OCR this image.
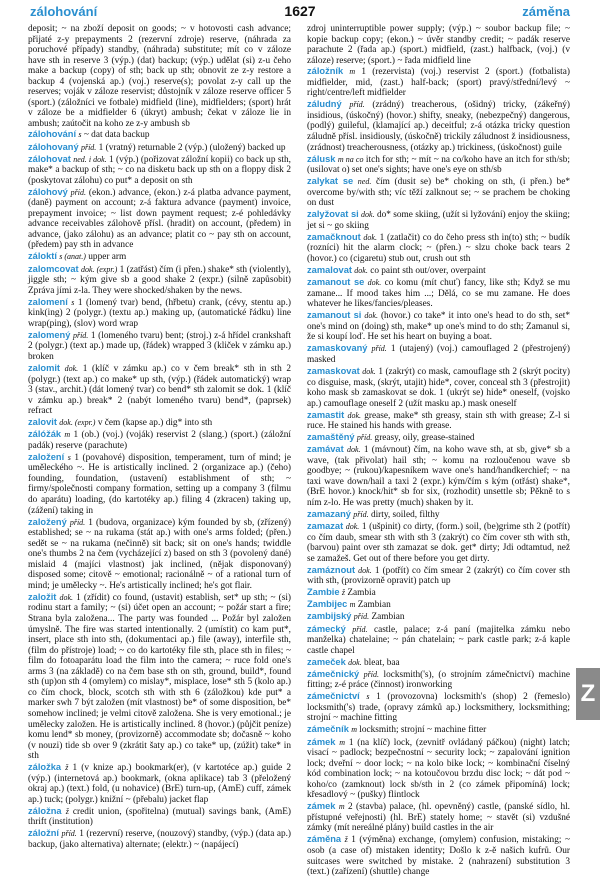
zálohování	1627	záměna
deposit; ~ na zboží deposit on goods; ~ v hotovosti cash advance; přijaté z-y prepayments 2 (rezervní zdroje) reserve, (náhrada za poruchové případy) standby, (náhrada) substitute; mít co v záloze have sth in reserve 3 (výp.) (dat) backup; (výp.) udělat (si) z-u čeho make a backup (copy) of sth; back up sth; obnovit ze z-y restore a backup 4 (vojenská ap.) (voj.) reserve(s); povolat z-y call up the reserves; voják v záloze reservist; důstojník v záloze reserve officer 5 (sport.) (záložníci ve fotbale) midfield (line), midfielders; (sport) hrát v záloze be a midfielder 6 (úkryt) ambush; čekat v záloze lie in ambush; zaútočit na koho ze z-y ambush sb
zálohování s ~ dat data backup
zálohovaný příd. 1 (vratný) returnable 2 (výp.) (uložený) backed up
zálohovat ned. i dok. 1 (výp.) (pořizovat záložní kopii) co back up sth, make* a backup of sth; ~ co na disketu back up sth on a floppy disk 2 (poskytovat zálohu) co put* a deposit on sth
zálohový příd. (ekon.) advance, (ekon.) z-á platba advance payment, (daně) payment on account; z-á faktura advance (payment) invoice, prepayment invoice; ~ list down payment request; z-é pohledávky advance receivables zálohově přísl. (hradit) on account, (předem) in advance, (jako zálohu) as an advance; platit co ~ pay sth on account, (předem) pay sth in advance
záloktí s (anat.) upper arm
zalomcovat dok. (expr.) 1 (zatřást) čím (i přen.) shake* sth (violently), jiggle sth; ~ kým give sb a good shake 2 (expr.) (silně zapůsobit) Zpráva jími z-la. They were shocked/shaken by the news.
zalomení s 1 (lomený tvar) bend, (hřbetu) crank, (cévy, stentu ap.) kink(ing) 2 (polygr.) (textu ap.) making up, (automatické řádku) line wrap(ping), (slov) word wrap
zalomený příd. 1 (lomeného tvaru) bent; (stroj.) z-á hřídel crankshaft 2 (polygr.) (text ap.) made up, (řádek) wrapped 3 (kliček v zámku ap.) broken
zalomit dok. 1 (klíč v zámku ap.) co v čem break* sth in sth 2 (polygr.) (text ap.) co make* up sth, (výp.) (řádek automatický) wrap 3 (stav., archit.) (dát lomený tvar) co bend* sth zalomit se dok. 1 (klíč v zámku ap.) break* 2 (nabýt lomeného tvaru) bend*, (paprsek) refract
zalovit dok. (expr.) v čem (kapse ap.) dig* into sth
zálóžák m 1 (ob.) (voj.) (voják) reservist 2 (slang.) (sport.) (záložní padák) reserve (parachute)
založení s 1 (povahové) disposition, temperament, turn of mind; je uměleckého ~. He is artistically inclined. 2 (organizace ap.) (čeho) founding, foundation, (ustavení) establishment of sth; ~ firmy/společnosti company formation, setting up a company 3 (filmu do aparátu) loading, (do kartotéky ap.) filing 4 (zkracen) taking up, (zážení) taking in
založený příd. 1 (budova, organizace) kým founded by sb, (zřízený) established; se ~ na rukama (stát ap.) with one's arms folded; (přen.) sedět se ~ na rukama (nečinně) sit back; sit on one's hands; twiddle one's thumbs 2 na čem (vycházející z) based on sth 3 (povolený dané) mislaid 4 (majíci vlastnost) jak inclined, (nějak disponovaný) disposed some; citově ~ emotional; racionálně ~ of a rational turn of mind; je umělecky ~. He's artistically inclined; he's got flair.
založit dok. 1 (zřídit) co found, (ustavit) establish, set* up sth; ~ (si) rodinu start a family; ~ (si) účet open an account; ~ požár start a fire; Strana byla založena... The party was founded ... Požár byl založen úmyslně. The fire was started intentionally. 2 (umístit) co kam put*, insert, place sth into sth, (dokumentaci ap.) file (away), interfile sth, (film do přístroje) load; ~ co do kartotéky file sth, place sth in files; ~ film do fotoaparátu load the film into the camera; ~ ruce fold one's arms 3 (na základě) co na čem base sth on sth, ground, build*, found sth (up)on sth 4 (omylem) co mislay*, misplace, lose* sth 5 (kolo ap.) co čím chock, block, scotch sth with sth 6 (záložkou) kde put* a marker swh 7 být založen (mít vlastnost) be* of some disposition, be* somehow inclined; je velmi citově založena. She is very emotional.; je umělecky založen. He is artistically inclined. 8 (hovor.) (půjčit peníze) komu lend* sb money, (provizorně) accommodate sb; dočasně ~ koho (v nouzi) tide sb over 9 (zkrátit šaty ap.) co take* up, (zúžit) take* in sth
záložka ž 1 (v knize ap.) bookmark(er), (v kartotéce ap.) guide 2 (výp.) (internetová ap.) bookmark, (okna aplikace) tab 3 (přeložený okraj ap.) (text.) fold, (u nohavice) (BrE) turn-up, (AmE) cuff, zámek ap.) tuck; (polygr.) knižní ~ (přebalu) jacket flap
záložna ž credit union, (spořitelna) (mutual) savings bank, (AmE) thrift (institution)
záložní příd. 1 (rezervní) reserve, (nouzový) standby, (výp.) (data ap.) backup, (jako alternativa) alternate; (elektr.) ~ (napájecí)
zdroj uninterruptible power supply; (výp.) ~ soubor backup file; ~ kopie backup copy; (ekon.) ~ úvěr standby credit; ~ padák reserve parachute 2 (řada ap.) (sport.) midfield, (zast.) halfback, (voj.) (v záloze) reserve; (sport.) ~ řada midfield line
záložník m 1 (rezervista) (voj.) reservist 2 (sport.) (fotbalista) midfielder, mid, (zast.) half-back; (sport) pravý/střední/levý ~ right/centre/left midfielder
záludný příd. (zrádný) treacherous, (ošidný) tricky, (zákeřný) insidious, (úskočný) (hovor.) shifty, sneaky, (nebezpečný) dangerous, (podlý) guileful, (klamající ap.) deceitful; z-á otázka tricky question záludně přísl. insidiously, (úskočně) trickily záludnost ž insidiousness, (zrádnost) treacherousness, (otázky ap.) trickiness, (úskočnost) guile
zálusk m na co itch for sth; ~ mít ~ na co/koho have an itch for sth/sb; (usilovat o) set one's sights; have one's eye on sth/sb
zalykat se ned. čím (dusit se) be* choking on sth, (i přen.) be* overcome by/with sth; víc těží zalknout se; ~ se prachem be choking on dust
zalyžovat si dok. do* some skiing, (užít si lyžování) enjoy the skiing; jet si ~ go skiing
zamačknout dok. 1 (zatlačit) co do čeho press sth in(to) sth; ~ budík (rozníci) hit the alarm clock; ~ (přen.) ~ slzu choke back tears 2 (hovor.) co (cigaretu) stub out, crush out sth
zamalovat dok. co paint sth out/over, overpaint
zamanout se dok. co komu (mít chuť) fancy, like sth; Když se mu zamane... If mood takes him ...; Dělá, co se mu zamane. He does whatever he likes/fancies/pleases.
zamanout si dok. (hovor.) co take* it into one's head to do sth, set* one's mind on (doing) sth, make* up one's mind to do sth; Zamanul si, že si koupí loď. He set his heart on buying a boat.
zamaskovaný příd. 1 (utajený) (voj.) camouflaged 2 (přestrojený) masked
zamaskovat dok. 1 (zakrýt) co mask, camouflage sth 2 (skrýt pocity) co disguise, mask, (skrýt, utajit) hide*, cover, conceal sth 3 (přestrojit) koho mask sb zamaskovat se dok. 1 (ukrýt se) hide* oneself, (vojsko ap.) camouflage oneself 2 (užít masku ap.) mask oneself
zamastit dok. grease, make* sth greasy, stain sth with grease; Z-l si ruce. He stained his hands with grease.
zamaštěný příd. greasy, oily, grease-stained
zamávat dok. 1 (mávnout) čím, na koho wave sth, at sb, give* sb a wave, (tak přivolat) hail sth; ~ komu na rozloučenou wave sb goodbye; ~ (rukou)/kapesníkem wave one's hand/handkerchief; ~ na taxi wave down/hail a taxi 2 (expr.) kým/čím s kým (otřást) shake*, (BrE hovor.) knock/hit* sb for six, (rozhodit) unsettle sb; Pěkně to s ním z-lo. He was pretty (much) shaken by it.
zamazaný příd. dirty, soiled, filthy
zamazat dok. 1 (ušpinit) co dirty, (form.) soil, (be)grime sth 2 (potřít) co čím daub, smear sth with sth 3 (zakrýt) co čím cover sth with sth, (barvou) paint over sth zamazat se dok. get* dirty; Jdi odtamtud, než se zamažeš. Get out of there before you get dirty.
zamáznout dok. 1 (potřít) co čím smear 2 (zakrýt) co čím cover sth with sth, (provizorně opravit) patch up
Zambie ž Zambia
Zambijec m Zambian
zambijský příd. Zambian
zámecký příd. castle, palace; z-á paní (majitelka zámku nebo manželka) chatelaine; ~ pán chatelain; ~ park castle park; z-á kaple castle chapel
zameček dok. bleat, baa
zámečnický příd. locksmith('s), (o strojním zámečnictví) machine fitting; z-é práce (činnost) ironworking
zámečnictví s 1 (provozovna) locksmith's (shop) 2 (řemeslo) locksmith('s) trade, (opravy zámků ap.) locksmithery, locksmithing; strojní ~ machine fitting
zámečník m locksmith; strojní ~ machine fitter
zámek m 1 (na klíč) lock, (zevnitř ovládaný páčkou) (night) latch; visací ~ padlock; bezpečnostní ~ security lock; ~ zapalování ignition lock; dveřní ~ door lock; ~ na kolo bike lock; ~ kombinační číselný kód combination lock; ~ na kotoučovou brzdu disc lock; ~ dát pod ~ koho/co (zamknout) lock sb/sth in 2 (co zámek připomíná) lock; křesadlový ~ (pušky) flintlock
zámek m 2 (stavba) palace, (hl. opevněný) castle, (panské sídlo, hl. přístupné veřejnosti) (hl. BrE) stately home; ~ stavět (si) vzdušné zámky (mít nereálné plány) build castles in the air
záměna ž 1 (výměna) exchange, (omylem) confusion, mistaking; ~ osob (a case of) mistaken identity; Došlo k z-ě našich kufrů. Our suitcases were switched by mistake. 2 (nahrazení) substitution 3 (text.) (zařízení) (shuttle) change
Z
